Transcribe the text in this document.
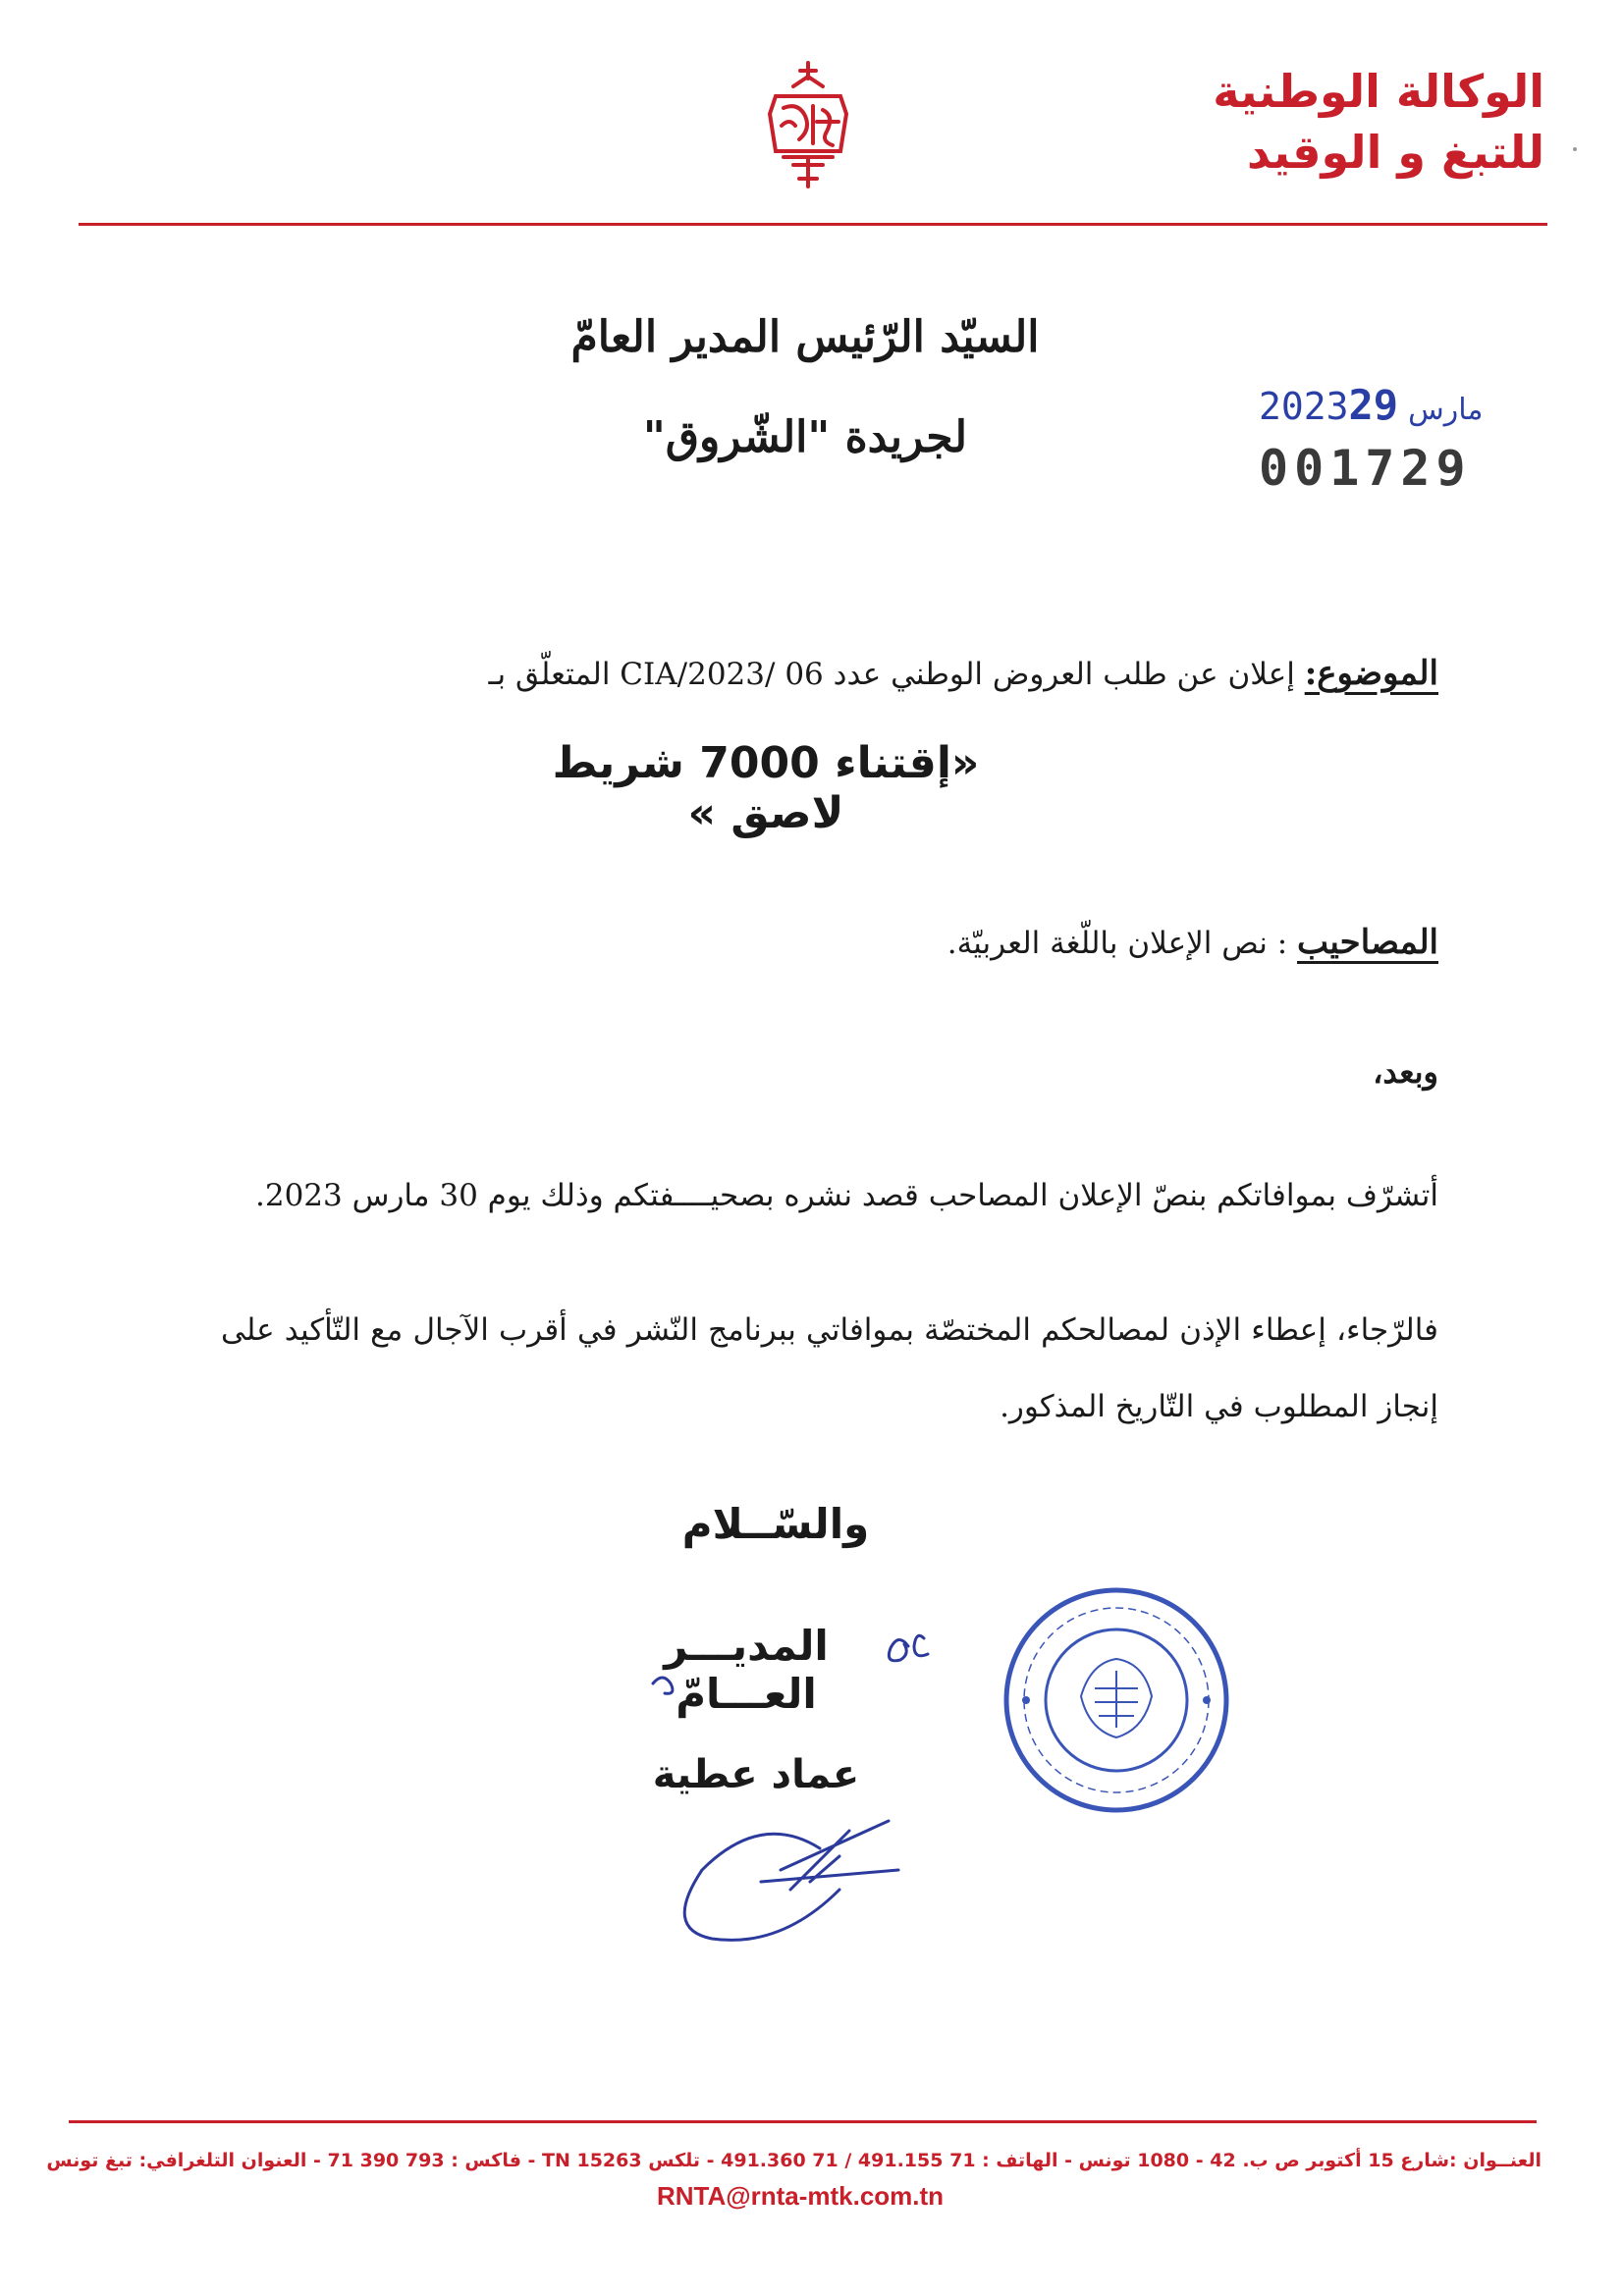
الوكالة الوطنية
للتبغ و الوقيد
السيّد الرّئيس المدير العامّ
لجريدة "الشّروق"
2023 مارس29
001729
الموضوع: إعلان عن طلب العروض الوطني عدد 06 /2023/CIA المتعلّق بـ
«إقتناء 7000 شريط لاصق »
المصاحيب : نص الإعلان باللّغة العربيّة.
وبعد،
أتشرّف بموافاتكم بنصّ الإعلان المصاحب قصد نشره بصحيــــفتكم وذلك يوم 30 مارس 2023.
فالرّجاء، إعطاء الإذن لمصالحكم المختصّة بموافاتي ببرنامج النّشر في أقرب الآجال مع التّأكيد على إنجاز المطلوب في التّاريخ المذكور.
والسّــلام
المديـــر العـــامّ
عماد عطية
العنــوان :شارع 15 أكتوبر ص ب. 42 - 1080 تونس - الهاتف : 71 491.155 / 71 491.360 - تلكس TN 15263 - فاكس : 793 390 71 - العنوان التلغرافي: تبغ تونس
RNTA@rnta-mtk.com.tn
